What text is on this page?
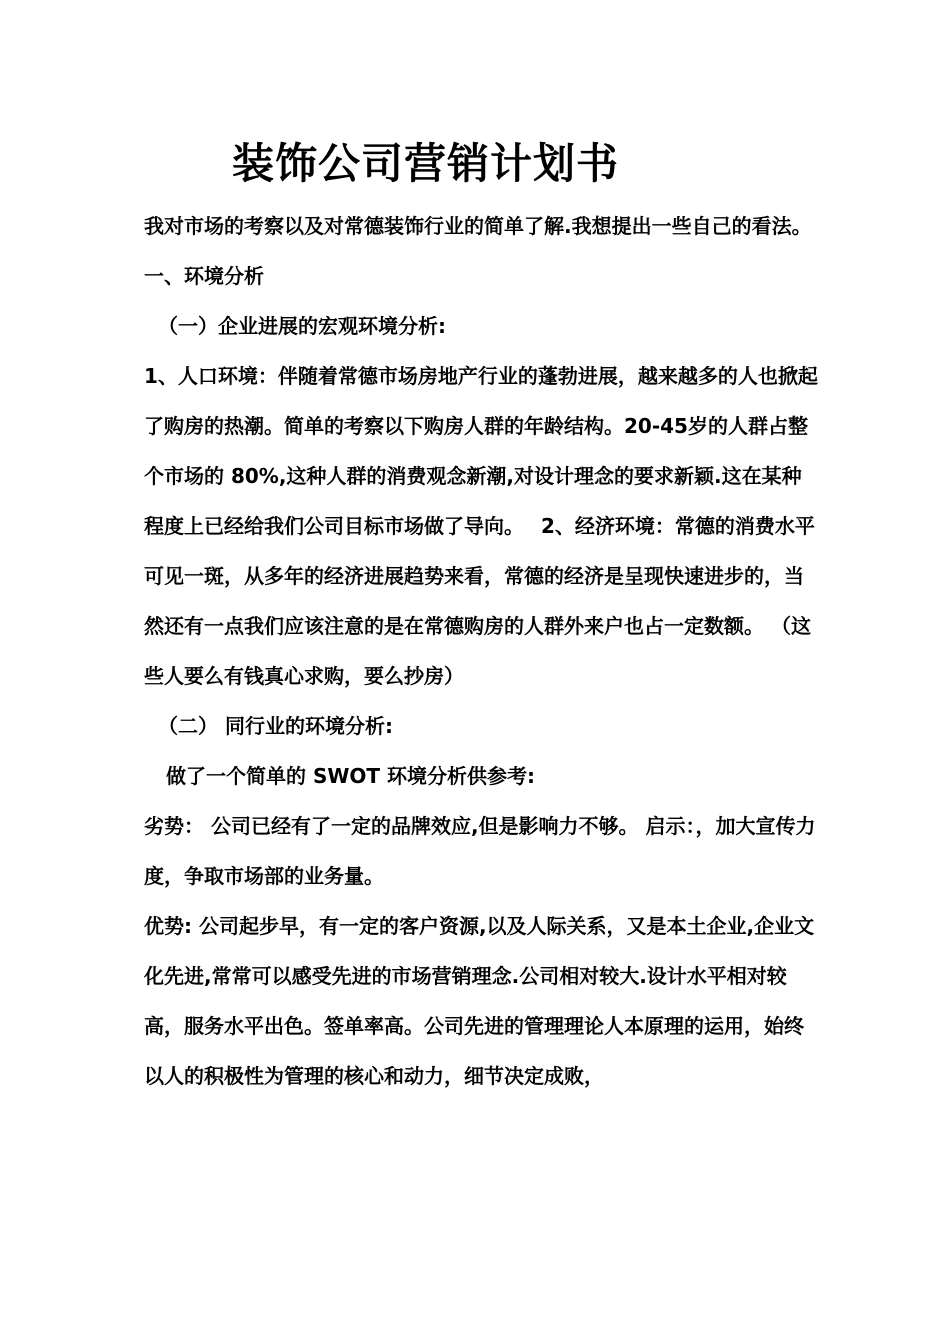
装饰公司营销计划书

我对市场的考察以及对常德装饰行业的简单了解.我想提出一些自己的看法。

一、环境分析

（一）企业进展的宏观环境分析:

1、人口环境：伴随着常德市场房地产行业的蓬勃进展，越来越多的人也掀起了购房的热潮。简单的考察以下购房人群的年龄结构。20-45岁的人群占整个市场的 80%,这种人群的消费观念新潮,对设计理念的要求新颖.这在某种程度上已经给我们公司目标市场做了导向。　 2、经济环境：常德的消费水平可见一斑，从多年的经济进展趋势来看，常德的经济是呈现快速进步的，当然还有一点我们应该注意的是在常德购房的人群外来户也占一定数额。 （这些人要么有钱真心求购，要么抄房）

（二） 同行业的环境分析:

做了一个简单的 SWOT 环境分析供参考:

劣势： 公司已经有了一定的品牌效应,但是影响力不够。 启示：，加大宣传力度，争取市场部的业务量。

优势: 公司起步早，有一定的客户资源,以及人际关系，又是本土企业,企业文化先进,常常可以感受先进的市场营销理念.公司相对较大.设计水平相对较高，服务水平出色。签单率高。公司先进的管理理论人本原理的运用，始终以人的积极性为管理的核心和动力，细节决定成败，
